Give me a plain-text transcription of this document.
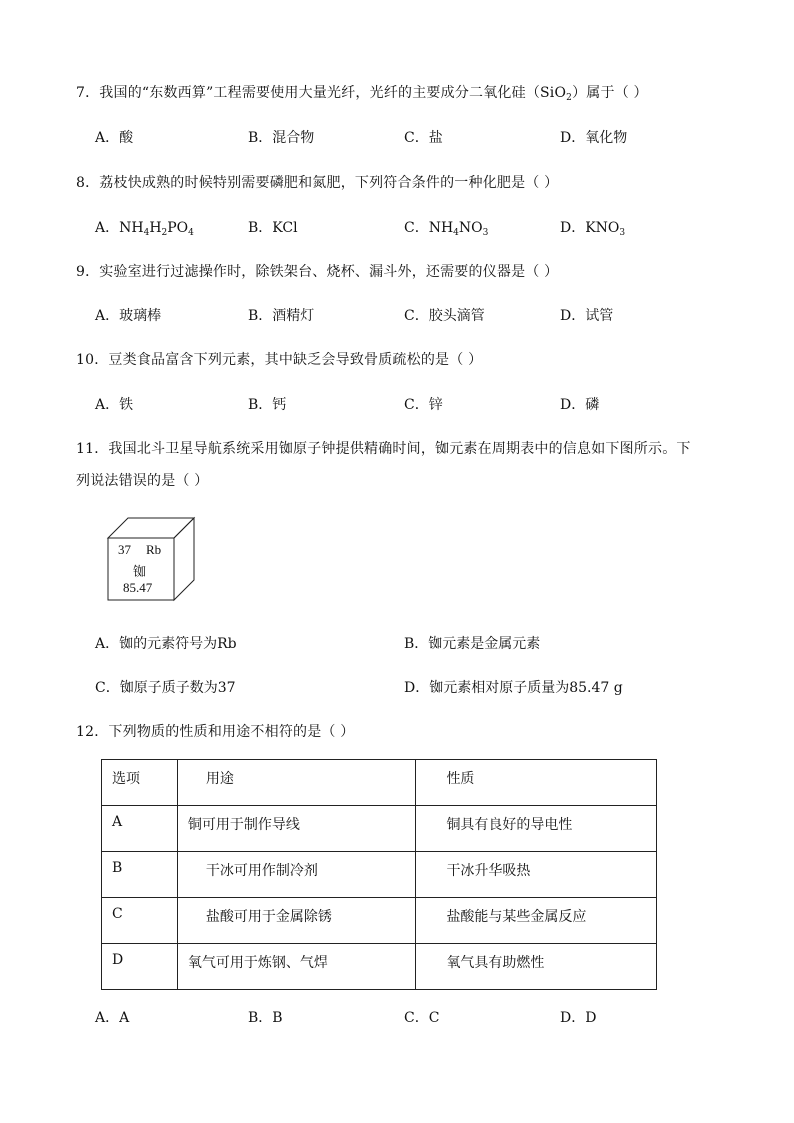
7．我国的“东数西算”工程需要使用大量光纤，光纤的主要成分二氧化硅（SiO$_2$）属于（ ）
A．酸	B．混合物	C．盐	D．氧化物
8．荔枝快成熟的时候特别需要磷肥和氮肥，下列符合条件的一种化肥是（ ）
A．$NH_4H_2PO_4$	B．KCl	C．$NH_4NO_3$	D．$KNO_3$
9．实验室进行过滤操作时，除铁架台、烧杯、漏斗外，还需要的仪器是（ ）
A．玻璃棒	B．酒精灯	C．胶头滴管	D．试管
10．豆类食品富含下列元素，其中缺乏会导致骨质疏松的是（ ）
A．铁	B．钙	C．锌	D．磷
11．我国北斗卫星导航系统采用铷原子钟提供精确时间，铷元素在周期表中的信息如下图所示。下
列说法错误的是（ ）
37 Rb
铷
85.47
A．铷的元素符号为Rb	B．铷元素是金属元素
C．铷原子质子数为37	D．铷元素相对原子质量为85.47 g
12．下列物质的性质和用途不相符的是（ ）
选项	用途	性质
A	铜可用于制作导线	铜具有良好的导电性
B	干冰可用作制冷剂	干冰升华吸热
C	盐酸可用于金属除锈	盐酸能与某些金属反应
D	氧气可用于炼钢、气焊	氧气具有助燃性
A．A	B．B	C．C	D．D
